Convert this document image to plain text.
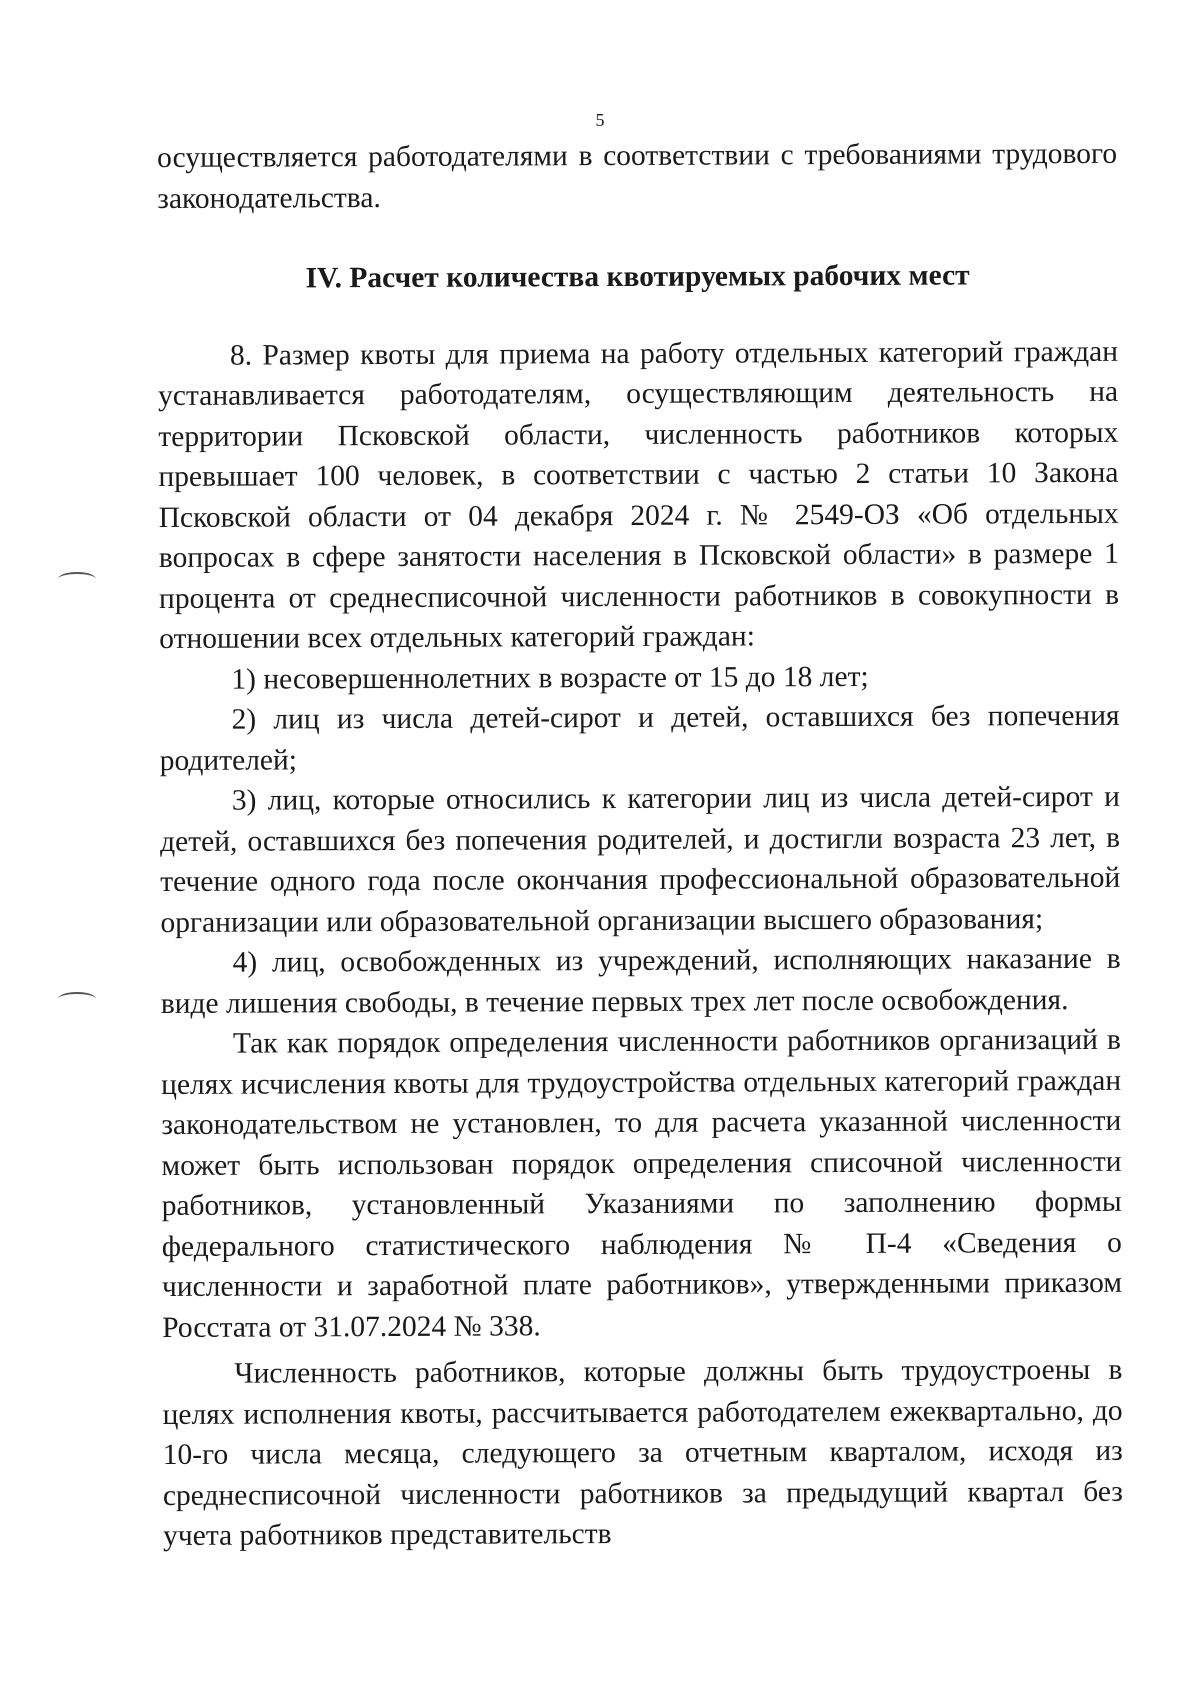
5

осуществляется работодателями в соответствии с требованиями трудового законодательства.

IV. Расчет количества квотируемых рабочих мест

8. Размер квоты для приема на работу отдельных категорий граждан устанавливается работодателям, осуществляющим деятельность на территории Псковской области, численность работников которых превышает 100 человек, в соответствии с частью 2 статьи 10 Закона Псковской области от 04 декабря 2024 г. № 2549-ОЗ «Об отдельных вопросах в сфере занятости населения в Псковской области» в размере 1 процента от среднесписочной численности работников в совокупности в отношении всех отдельных категорий граждан:

1) несовершеннолетних в возрасте от 15 до 18 лет;

2) лиц из числа детей-сирот и детей, оставшихся без попечения родителей;

3) лиц, которые относились к категории лиц из числа детей-сирот и детей, оставшихся без попечения родителей, и достигли возраста 23 лет, в течение одного года после окончания профессиональной образовательной организации или образовательной организации высшего образования;

4) лиц, освобожденных из учреждений, исполняющих наказание в виде лишения свободы, в течение первых трех лет после освобождения.

Так как порядок определения численности работников организаций в целях исчисления квоты для трудоустройства отдельных категорий граждан законодательством не установлен, то для расчета указанной численности может быть использован порядок определения списочной численности работников, установленный Указаниями по заполнению формы федерального статистического наблюдения № П-4 «Сведения о численности и заработной плате работников», утвержденными приказом Росстата от 31.07.2024 № 338.

Численность работников, которые должны быть трудоустроены в целях исполнения квоты, рассчитывается работодателем ежеквартально, до 10-го числа месяца, следующего за отчетным кварталом, исходя из среднесписочной численности работников за предыдущий квартал без учета работников представительств
